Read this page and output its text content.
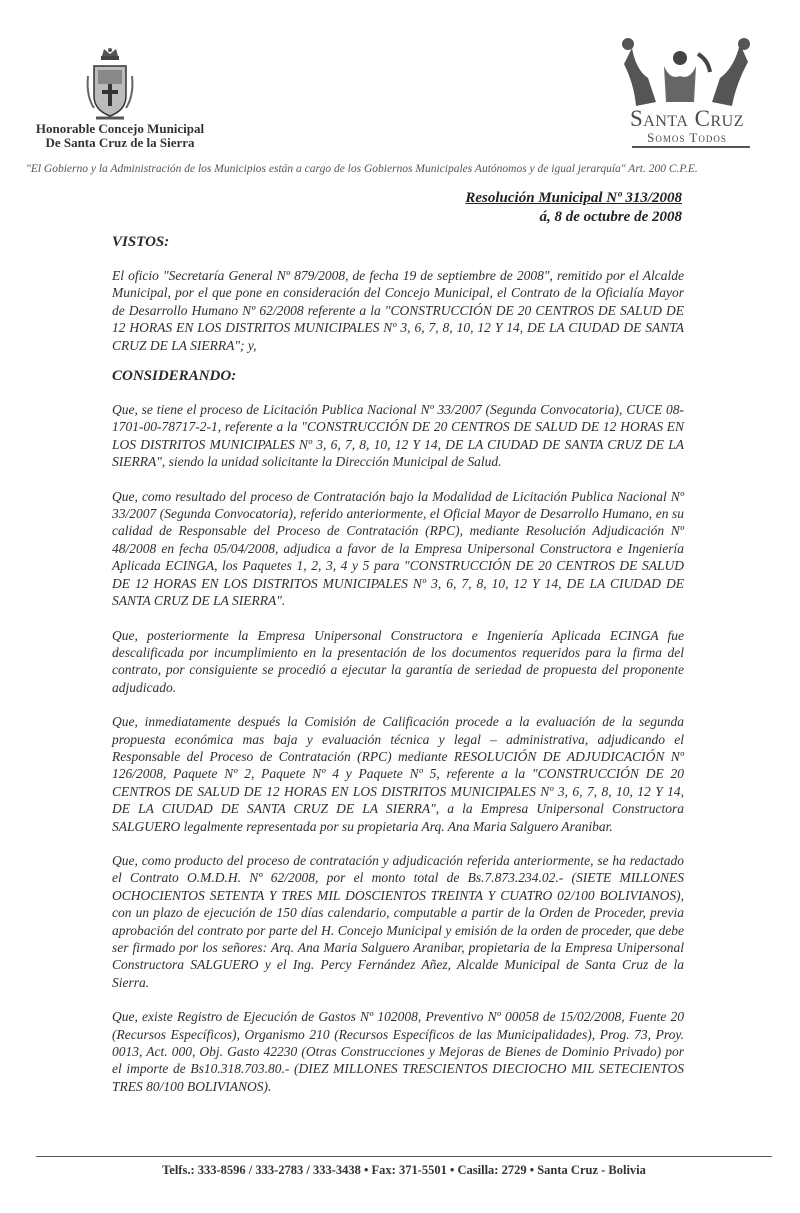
Honorable Concejo Municipal
De Santa Cruz de la Sierra
Santa Cruz
Somos Todos
"El Gobierno y la Administración de los Municipios están a cargo de los Gobiernos Municipales Autónomos y de igual jerarquía" Art. 200 C.P.E.
Resolución Municipal Nº 313/2008
á, 8 de octubre de 2008
VISTOS:

El oficio "Secretaría General Nº 879/2008, de fecha 19 de septiembre de 2008", remitido por el Alcalde Municipal, por el que pone en consideración del Concejo Municipal, el Contrato de la Oficialía Mayor de Desarrollo Humano Nº 62/2008 referente a la "CONSTRUCCIÓN DE 20 CENTROS DE SALUD DE 12 HORAS EN LOS DISTRITOS MUNICIPALES Nº 3, 6, 7, 8, 10, 12 Y 14, DE LA CIUDAD DE SANTA CRUZ DE LA SIERRA"; y,

CONSIDERANDO:

Que, se tiene el proceso de Licitación Publica Nacional Nº 33/2007 (Segunda Convocatoria), CUCE 08-1701-00-78717-2-1, referente a la "CONSTRUCCIÓN DE 20 CENTROS DE SALUD DE 12 HORAS EN LOS DISTRITOS MUNICIPALES Nº 3, 6, 7, 8, 10, 12 Y 14, DE LA CIUDAD DE SANTA CRUZ DE LA SIERRA", siendo la unidad solicitante la Dirección Municipal de Salud.

Que, como resultado del proceso de Contratación bajo la Modalidad de Licitación Publica Nacional Nº 33/2007 (Segunda Convocatoria), referido anteriormente, el Oficial Mayor de Desarrollo Humano, en su calidad de Responsable del Proceso de Contratación (RPC), mediante Resolución Adjudicación Nº 48/2008 en fecha 05/04/2008, adjudica a favor de la Empresa Unipersonal Constructora e Ingeniería Aplicada ECINGA, los Paquetes 1, 2, 3, 4 y 5 para "CONSTRUCCIÓN DE 20 CENTROS DE SALUD DE 12 HORAS EN LOS DISTRITOS MUNICIPALES Nº 3, 6, 7, 8, 10, 12 Y 14, DE LA CIUDAD DE SANTA CRUZ DE LA SIERRA".

Que, posteriormente la Empresa Unipersonal Constructora e Ingeniería Aplicada ECINGA fue descalificada por incumplimiento en la presentación de los documentos requeridos para la firma del contrato, por consiguiente se procedió a ejecutar la garantía de seriedad de propuesta del proponente adjudicado.

Que, inmediatamente después la Comisión de Calificación procede a la evaluación de la segunda propuesta económica mas baja y evaluación técnica y legal – administrativa, adjudicando el Responsable del Proceso de Contratación (RPC) mediante RESOLUCIÓN DE ADJUDICACIÓN Nº 126/2008, Paquete Nº 2, Paquete Nº 4 y Paquete Nº 5, referente a la "CONSTRUCCIÓN DE 20 CENTROS DE SALUD DE 12 HORAS EN LOS DISTRITOS MUNICIPALES Nº 3, 6, 7, 8, 10, 12 Y 14, DE LA CIUDAD DE SANTA CRUZ DE LA SIERRA", a la Empresa Unipersonal Constructora SALGUERO legalmente representada por su propietaria Arq. Ana Maria Salguero Aranibar.

Que, como producto del proceso de contratación y adjudicación referida anteriormente, se ha redactado el Contrato O.M.D.H. Nº 62/2008, por el monto total de Bs.7.873.234.02.- (SIETE MILLONES OCHOCIENTOS SETENTA Y TRES MIL DOSCIENTOS TREINTA Y CUATRO 02/100 BOLIVIANOS), con un plazo de ejecución de 150 días calendario, computable a partir de la Orden de Proceder, previa aprobación del contrato por parte del H. Concejo Municipal y emisión de la orden de proceder, que debe ser firmado por los señores: Arq. Ana Maria Salguero Aranibar, propietaria de la Empresa Unipersonal Constructora SALGUERO y el Ing. Percy Fernández Añez, Alcalde Municipal de Santa Cruz de la Sierra.

Que, existe Registro de Ejecución de Gastos Nº 102008, Preventivo Nº 00058 de 15/02/2008, Fuente 20 (Recursos Específicos), Organismo 210 (Recursos Específicos de las Municipalidades), Prog. 73, Proy. 0013, Act. 000, Obj. Gasto 42230 (Otras Construcciones y Mejoras de Bienes de Dominio Privado) por el importe de Bs10.318.703.80.- (DIEZ MILLONES TRESCIENTOS DIECIOCHO MIL SETECIENTOS TRES 80/100 BOLIVIANOS).

Telfs.: 333-8596 / 333-2783 / 333-3438 • Fax: 371-5501 • Casilla: 2729 • Santa Cruz - Bolivia
